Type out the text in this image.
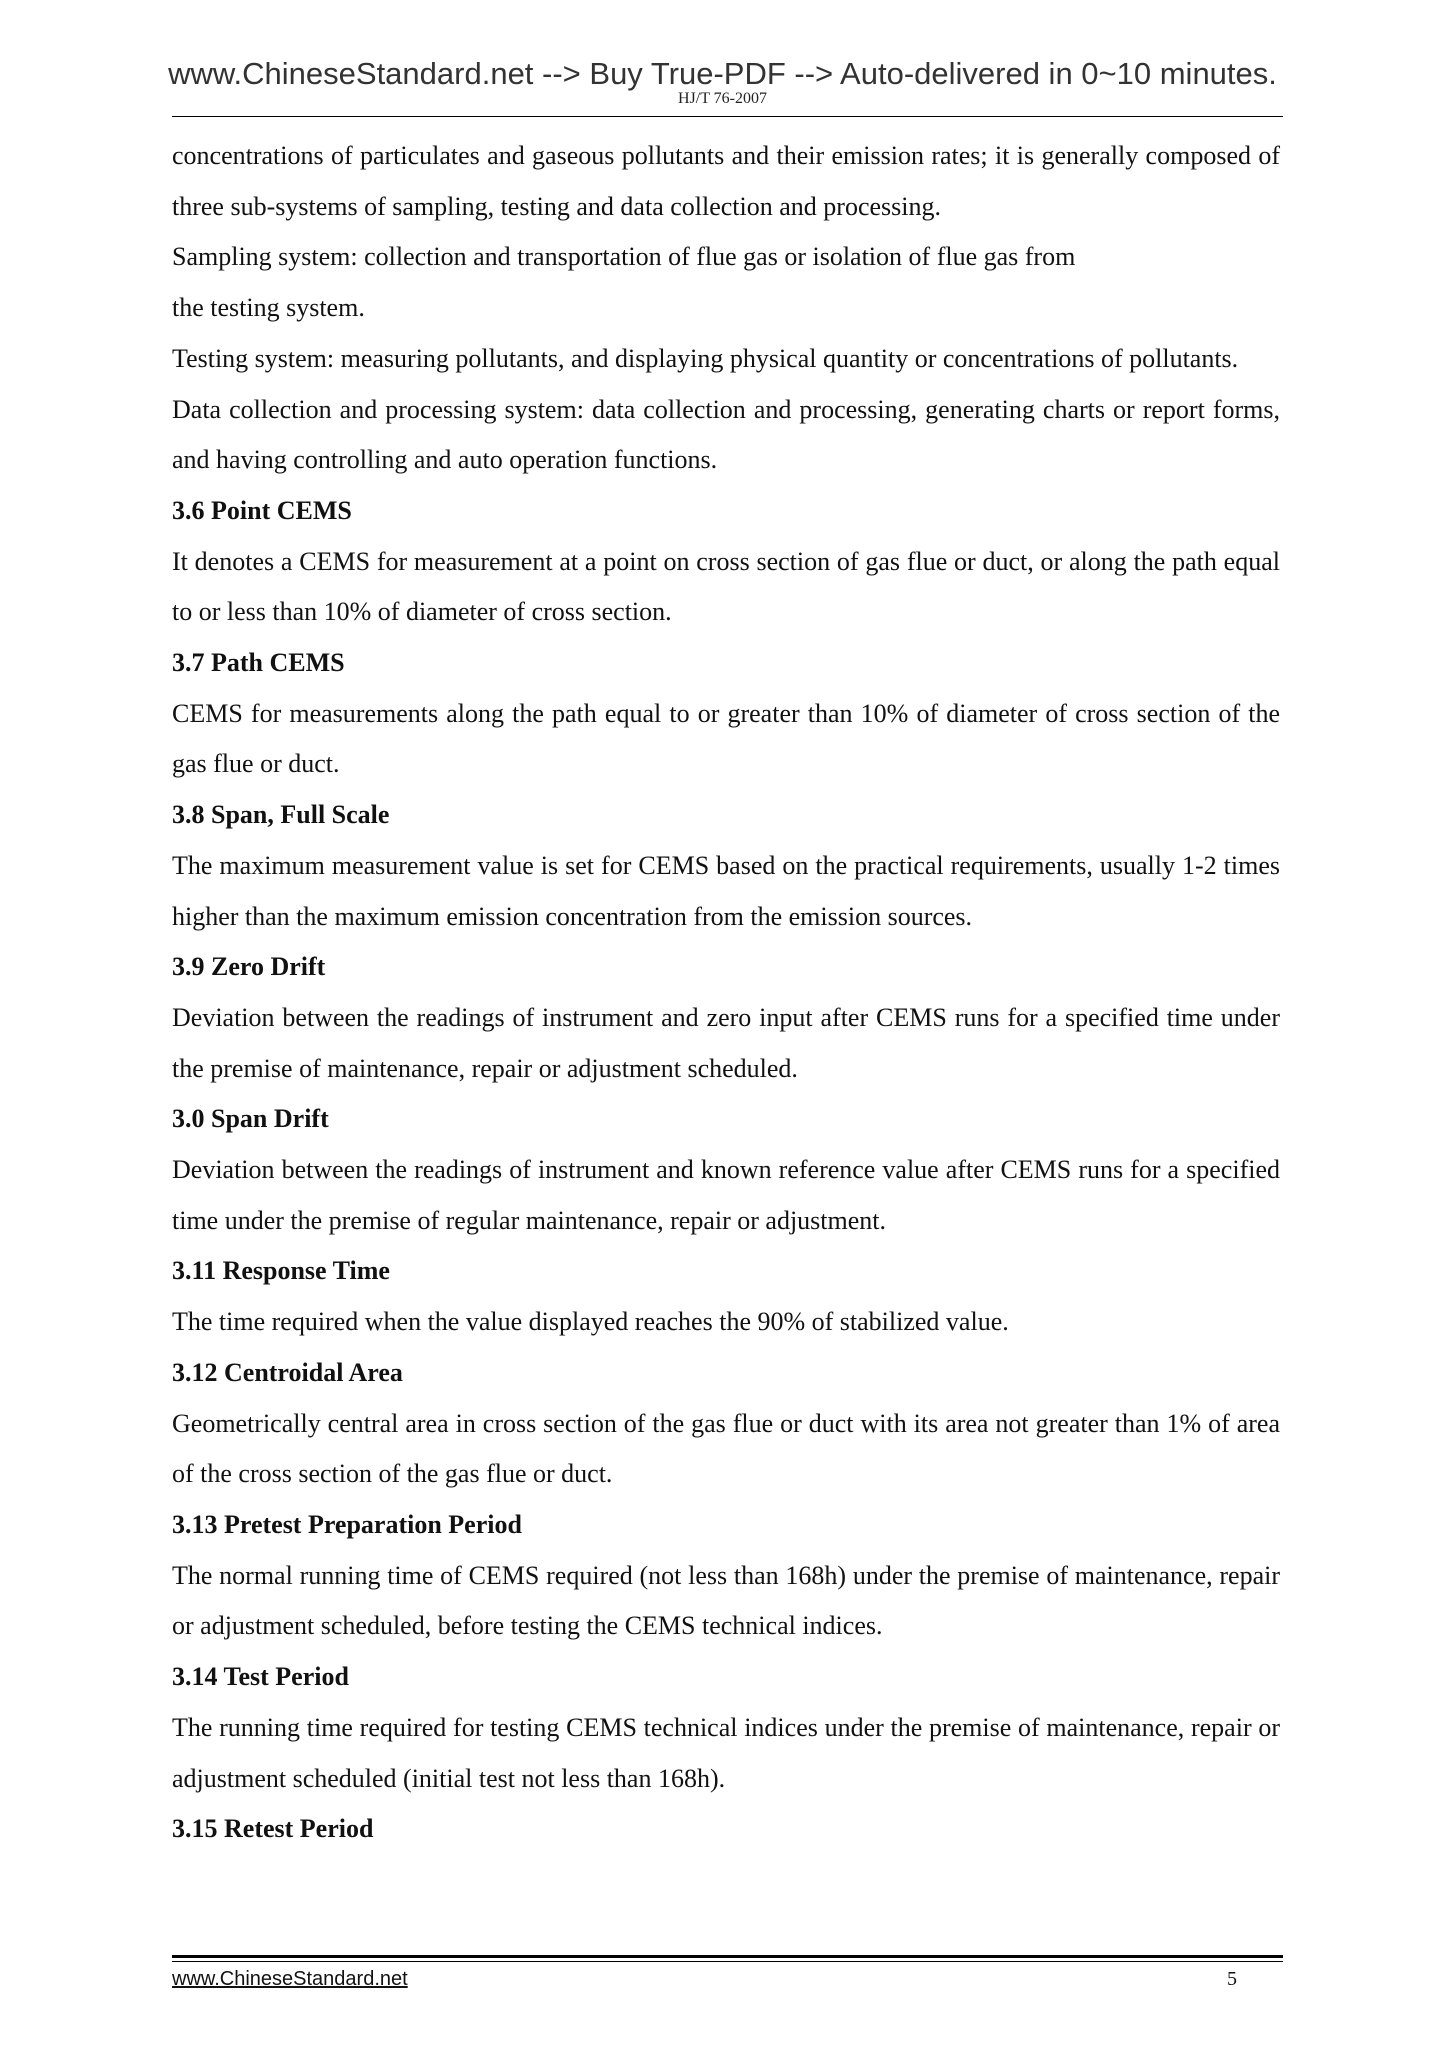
www.ChineseStandard.net --> Buy True-PDF --> Auto-delivered in 0~10 minutes.
HJ/T 76-2007

concentrations of particulates and gaseous pollutants and their emission rates; it is generally composed of three sub-systems of sampling, testing and data collection and processing.

Sampling system: collection and transportation of flue gas or isolation of flue gas from

the testing system.

Testing system: measuring pollutants, and displaying physical quantity or concentrations of pollutants.

Data collection and processing system: data collection and processing, generating charts or report forms, and having controlling and auto operation functions.

3.6 Point CEMS

It denotes a CEMS for measurement at a point on cross section of gas flue or duct, or along the path equal to or less than 10% of diameter of cross section.

3.7 Path CEMS

CEMS for measurements along the path equal to or greater than 10% of diameter of cross section of the gas flue or duct.

3.8 Span, Full Scale

The maximum measurement value is set for CEMS based on the practical requirements, usually 1-2 times higher than the maximum emission concentration from the emission sources.

3.9 Zero Drift

Deviation between the readings of instrument and zero input after CEMS runs for a specified time under the premise of maintenance, repair or adjustment scheduled.

3.0 Span Drift

Deviation between the readings of instrument and known reference value after CEMS runs for a specified time under the premise of regular maintenance, repair or adjustment.

3.11 Response Time

The time required when the value displayed reaches the 90% of stabilized value.

3.12 Centroidal Area

Geometrically central area in cross section of the gas flue or duct with its area not greater than 1% of area of the cross section of the gas flue or duct.

3.13 Pretest Preparation Period

The normal running time of CEMS required (not less than 168h) under the premise of maintenance, repair or adjustment scheduled, before testing the CEMS technical indices.

3.14 Test Period

The running time required for testing CEMS technical indices under the premise of maintenance, repair or adjustment scheduled (initial test not less than 168h).

3.15 Retest Period

www.ChineseStandard.net	5
